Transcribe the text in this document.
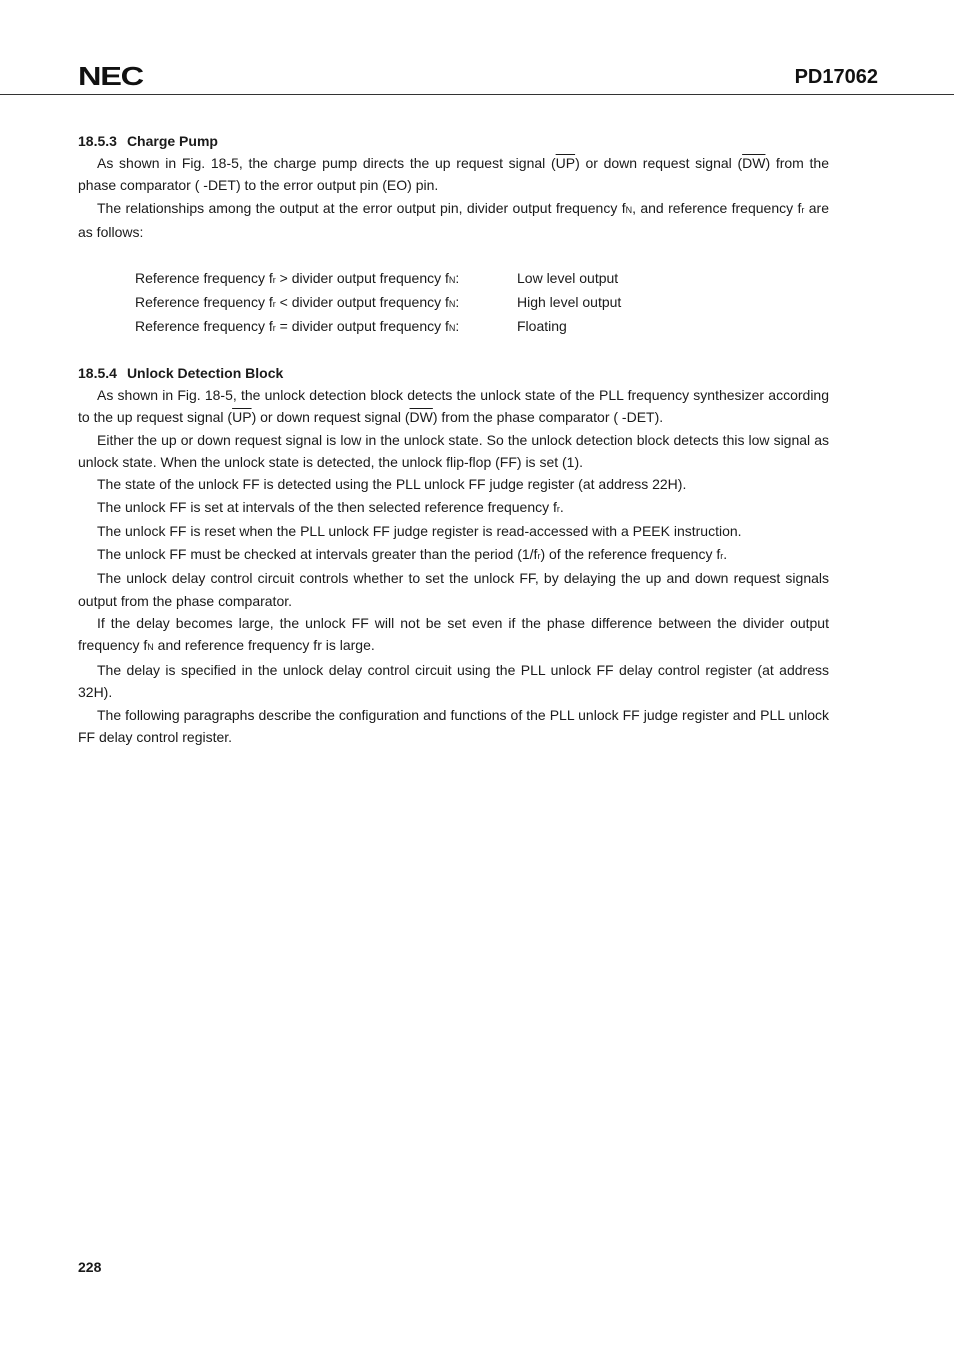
NEC	PD17062
18.5.3 Charge Pump

As shown in Fig. 18-5, the charge pump directs the up request signal $(\overline{UP})$ or down request signal $(\overline{DW})$ from the phase comparator ( -DET) to the error output pin (EO) pin.

The relationships among the output at the error output pin, divider output frequency fN, and reference frequency fr are as follows:

Reference frequency fr > divider output frequency fN:	Low level output
Reference frequency fr < divider output frequency fN:	High level output
Reference frequency fr = divider output frequency fN:	Floating
18.5.4 Unlock Detection Block

As shown in Fig. 18-5, the unlock detection block detects the unlock state of the PLL frequency synthesizer according to the up request signal $(\overline{UP})$ or down request signal $(\overline{DW})$ from the phase comparator ( -DET).

Either the up or down request signal is low in the unlock state. So the unlock detection block detects this low signal as unlock state. When the unlock state is detected, the unlock flip-flop (FF) is set (1).

The state of the unlock FF is detected using the PLL unlock FF judge register (at address 22H).

The unlock FF is set at intervals of the then selected reference frequency fr.

The unlock FF is reset when the PLL unlock FF judge register is read-accessed with a PEEK instruction.

The unlock FF must be checked at intervals greater than the period (1/fr) of the reference frequency fr.

The unlock delay control circuit controls whether to set the unlock FF, by delaying the up and down request signals output from the phase comparator.

If the delay becomes large, the unlock FF will not be set even if the phase difference between the divider output frequency fN and reference frequency fr is large.

The delay is specified in the unlock delay control circuit using the PLL unlock FF delay control register (at address 32H).

The following paragraphs describe the configuration and functions of the PLL unlock FF judge register and PLL unlock FF delay control register.

228
